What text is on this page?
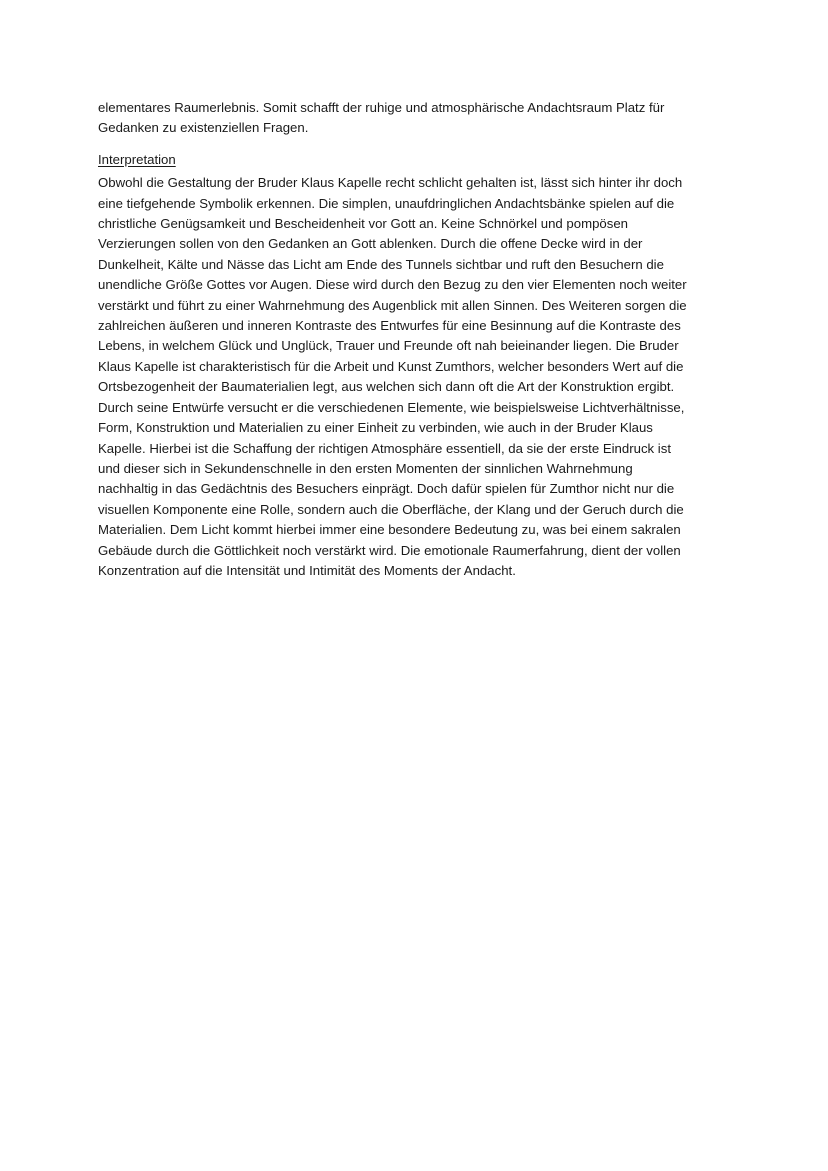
elementares Raumerlebnis. Somit schafft der ruhige und atmosphärische Andachtsraum Platz für
Gedanken zu existenziellen Fragen.

Interpretation

Obwohl die Gestaltung der Bruder Klaus Kapelle recht schlicht gehalten ist, lässt sich hinter ihr doch
eine tiefgehende Symbolik erkennen. Die simplen, unaufdringlichen Andachtsbänke spielen auf die
christliche Genügsamkeit und Bescheidenheit vor Gott an. Keine Schnörkel und pompösen
Verzierungen sollen von den Gedanken an Gott ablenken. Durch die offene Decke wird in der
Dunkelheit, Kälte und Nässe das Licht am Ende des Tunnels sichtbar und ruft den Besuchern die
unendliche Größe Gottes vor Augen. Diese wird durch den Bezug zu den vier Elementen noch weiter
verstärkt und führt zu einer Wahrnehmung des Augenblick mit allen Sinnen. Des Weiteren sorgen die
zahlreichen äußeren und inneren Kontraste des Entwurfes für eine Besinnung auf die Kontraste des
Lebens, in welchem Glück und Unglück, Trauer und Freunde oft nah beieinander liegen. Die Bruder
Klaus Kapelle ist charakteristisch für die Arbeit und Kunst Zumthors, welcher besonders Wert auf die
Ortsbezogenheit der Baumaterialien legt, aus welchen sich dann oft die Art der Konstruktion ergibt.
Durch seine Entwürfe versucht er die verschiedenen Elemente, wie beispielsweise Lichtverhältnisse,
Form, Konstruktion und Materialien zu einer Einheit zu verbinden, wie auch in der Bruder Klaus
Kapelle. Hierbei ist die Schaffung der richtigen Atmosphäre essentiell, da sie der erste Eindruck ist
und dieser sich in Sekundenschnelle in den ersten Momenten der sinnlichen Wahrnehmung
nachhaltig in das Gedächtnis des Besuchers einprägt. Doch dafür spielen für Zumthor nicht nur die
visuellen Komponente eine Rolle, sondern auch die Oberfläche, der Klang und der Geruch durch die
Materialien. Dem Licht kommt hierbei immer eine besondere Bedeutung zu, was bei einem sakralen
Gebäude durch die Göttlichkeit noch verstärkt wird. Die emotionale Raumerfahrung, dient der vollen
Konzentration auf die Intensität und Intimität des Moments der Andacht.
